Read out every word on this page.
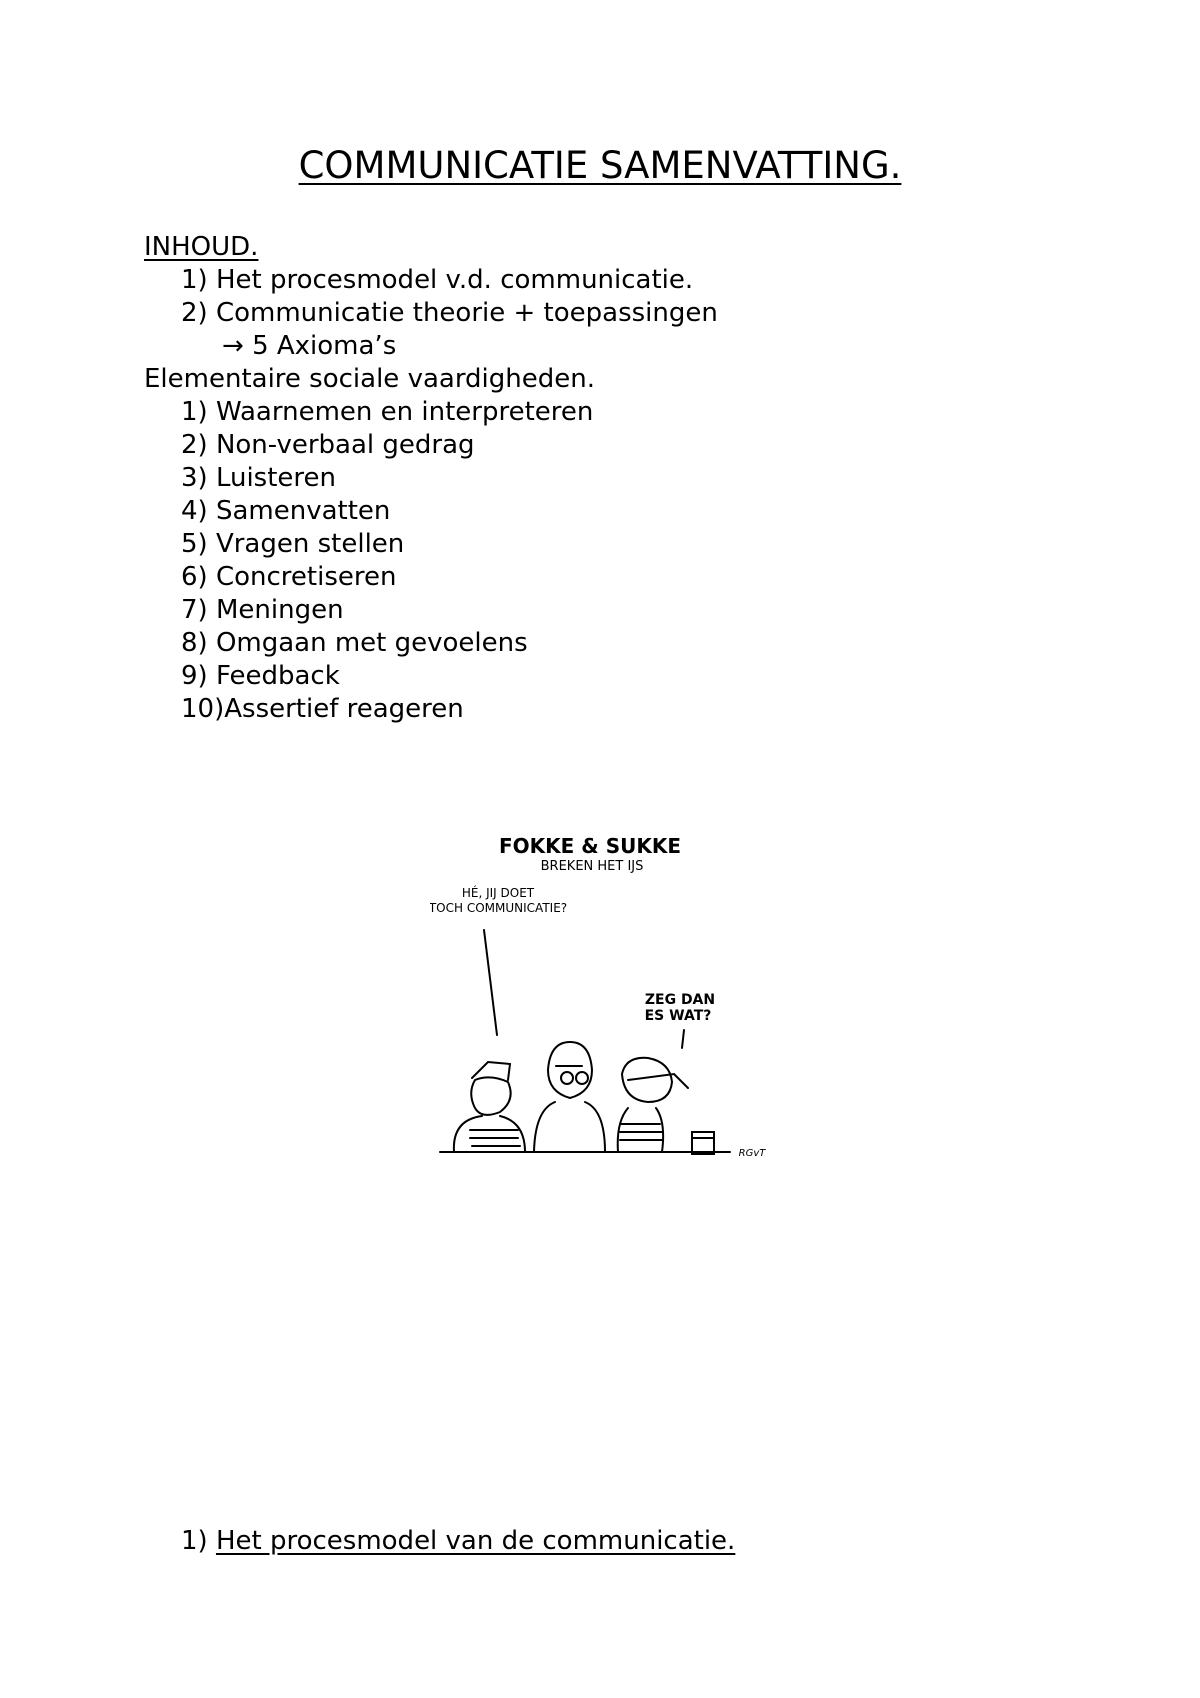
COMMUNICATIE SAMENVATTING.
INHOUD.
1) Het procesmodel v.d. communicatie.
2) Communicatie theorie + toepassingen
→ 5 Axioma’s
Elementaire sociale vaardigheden.
1) Waarnemen en interpreteren
2) Non-verbaal gedrag
3) Luisteren
4) Samenvatten
5) Vragen stellen
6) Concretiseren
7) Meningen
8) Omgaan met gevoelens
9) Feedback
10)Assertief reageren
FOKKE & SUKKE
BREKEN HET IJS
HÉ, JIJ DOET
TOCH COMMUNICATIE?
ZEG DAN
ES WAT?
RGvT
1) Het procesmodel van de communicatie.
